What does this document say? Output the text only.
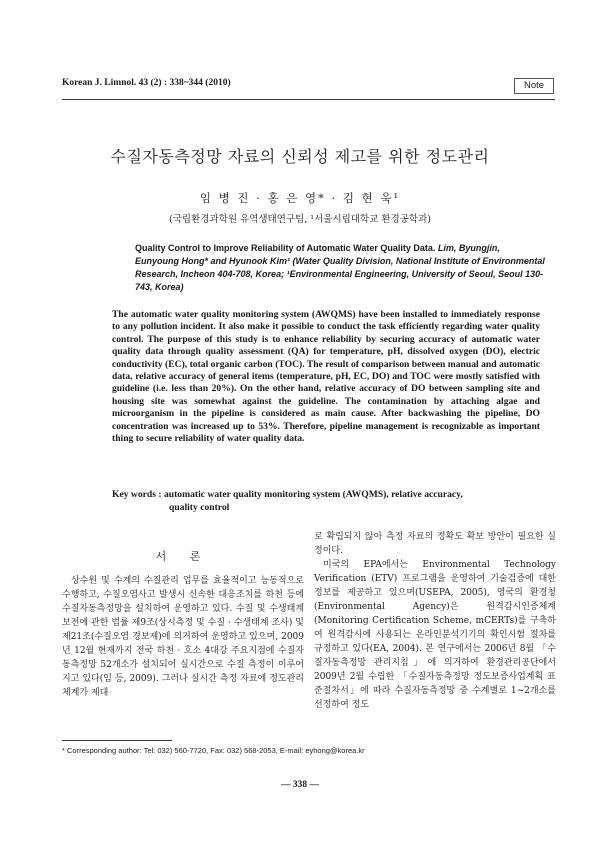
Korean J. Limnol. 43 (2) : 338~344 (2010)	Note
수질자동측정망 자료의 신뢰성 제고를 위한 정도관리
임 병 진 · 홍 은 영* · 김 현 욱¹
(국립환경과학원 유역생태연구팀, ¹서울시립대학교 환경공학과)
Quality Control to Improve Reliability of Automatic Water Quality Data. Lim, Byungjin, Eunyoung Hong* and Hyunook Kim¹ (Water Quality Division, National Institute of Environmental Research, Incheon 404-708, Korea; ¹Environmental Engineering, University of Seoul, Seoul 130-743, Korea)
The automatic water quality monitoring system (AWQMS) have been installed to immediately response to any pollution incident. It also make it possible to conduct the task efficiently regarding water quality control. The purpose of this study is to enhance reliability by securing accuracy of automatic water quality data through quality assessment (QA) for temperature, pH, dissolved oxygen (DO), electric conductivity (EC), total organic carbon (TOC). The result of comparison between manual and automatic data, relative accuracy of general items (temperature, pH, EC, DO) and TOC were mostly satisfied with guideline (i.e. less than 20%). On the other hand, relative accuracy of DO between sampling site and housing site was somewhat against the guideline. The contamination by attaching algae and microorganism in the pipeline is considered as main cause. After backwashing the pipeline, DO concentration was increased up to 53%. Therefore, pipeline management is recognizable as important thing to secure reliability of water quality data.
Key words : automatic water quality monitoring system (AWQMS), relative accuracy,
quality control
서 론
상수원 및 수계의 수질관리 업무를 효율적이고 능동적으로 수행하고, 수질오염사고 발생시 신속한 대응조치를 하천 등에 수질자동측정망을 설치하여 운영하고 있다. 수질 및 수생태계 보전에 관한 법률 제9조(상시측정 및 수질 · 수생태계 조사) 및 제21조(수질오염 경보제)에 의거하여 운영하고 있으며, 2009년 12월 현재까지 전국 하천 · 호소 4대강 주요지점에 수질자동측정망 52개소가 설치되어 실시간으로 수질 측정이 이루어지고 있다(임 등, 2009). 그러나 실시간 측정 자료에 정도관리 체계가 제대
로 확립되지 않아 측정 자료의 정확도 확보 방안이 필요한 실정이다.
미국의 EPA에서는 Environmental Technology Verification (ETV) 프로그램을 운영하여 기술검증에 대한 정보를 제공하고 있으며(USEPA, 2005), 영국의 환경청(Environmental Agency)은 원격감시인증체계(Monitoring Certification Scheme, mCERTs)를 구축하여 원격감시에 사용되는 온라인분석기기의 확인시험 절차를 규정하고 있다(EA, 2004). 본 연구에서는 2006년 8월 「수질자동측정망 관리지침」에 의거하여 환경관리공단에서 2009년 2월 수립한 「수질자동측정망 정도보증사업계획 표준절차서」에 따라 수질자동측정망 중 수계별로 1~2개소를 선정하여 정도
* Corresponding author: Tel: 032) 560-7720, Fax: 032) 568-2053, E-mail: eyhong@korea.kr
— 338 —
